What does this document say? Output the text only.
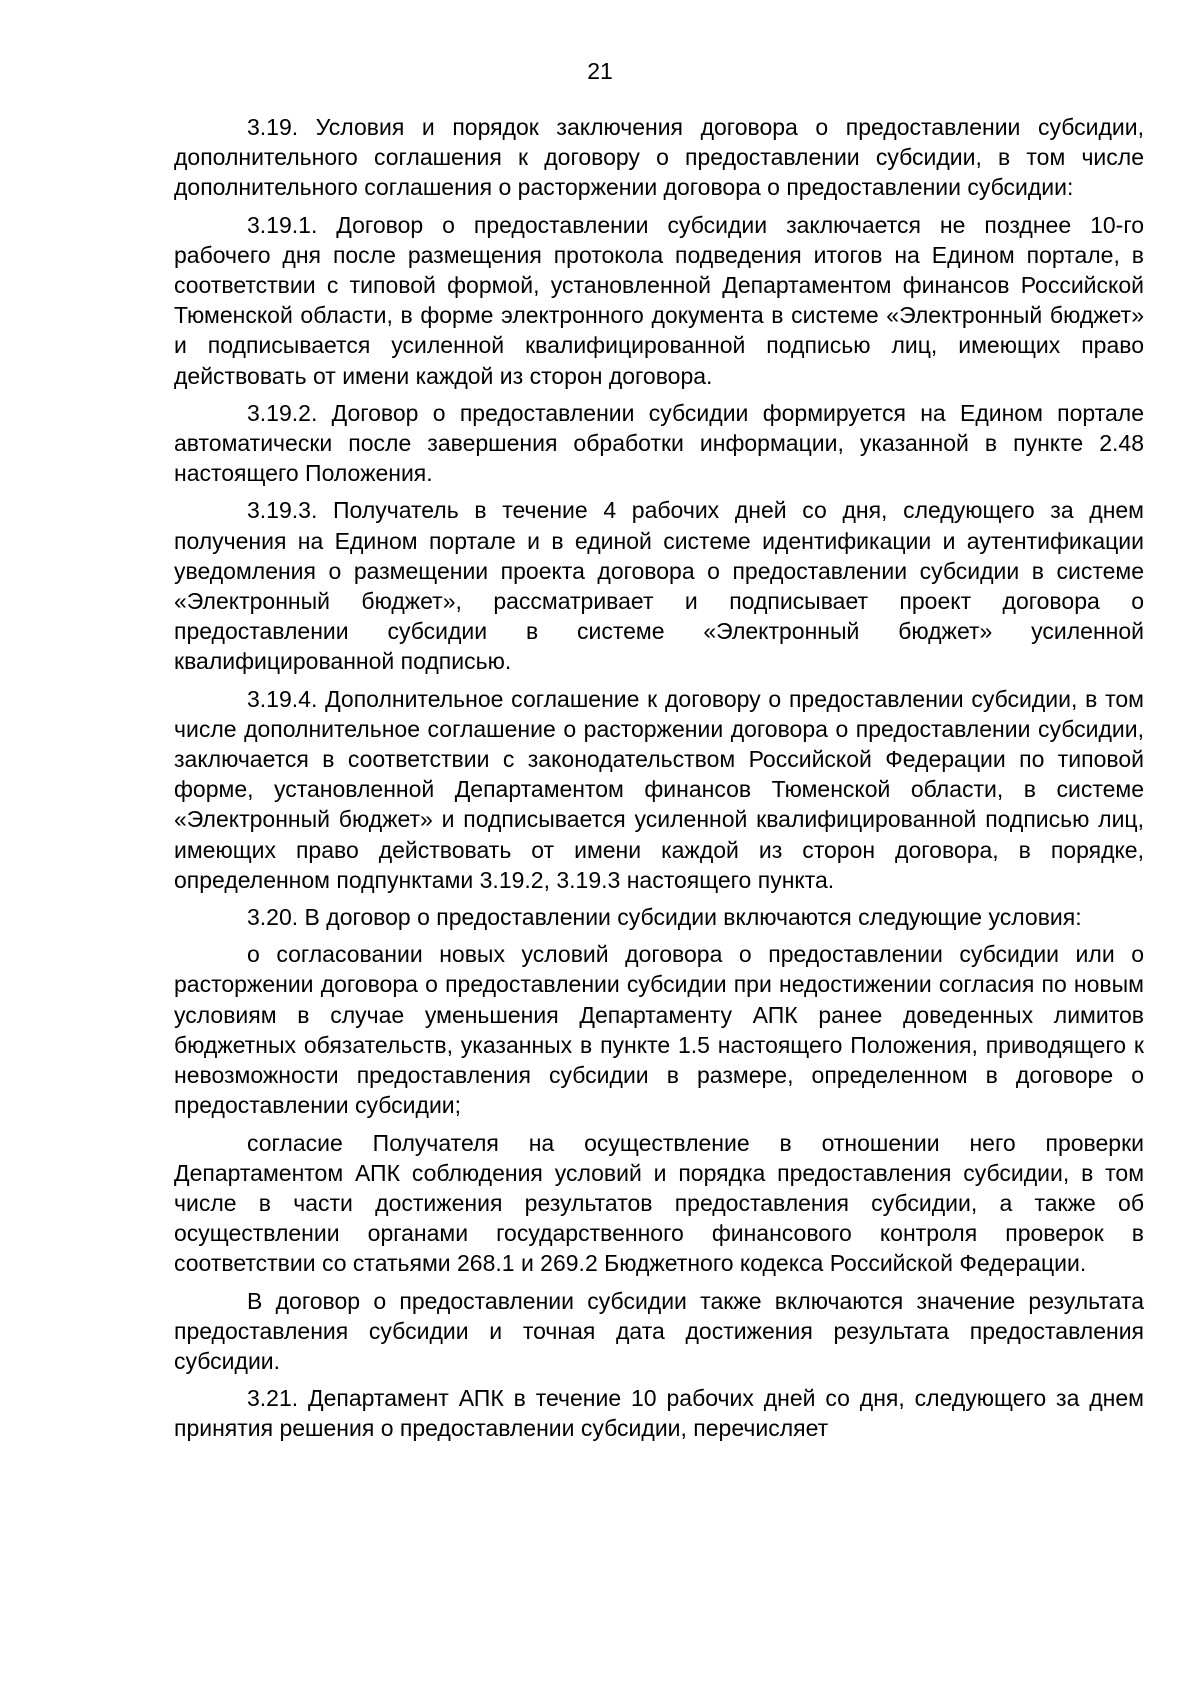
21

3.19. Условия и порядок заключения договора о предоставлении субсидии, дополнительного соглашения к договору о предоставлении субсидии, в том числе дополнительного соглашения о расторжении договора о предоставлении субсидии:

3.19.1. Договор о предоставлении субсидии заключается не позднее 10-го рабочего дня после размещения протокола подведения итогов на Едином портале, в соответствии с типовой формой, установленной Департаментом финансов Российской Тюменской области, в форме электронного документа в системе «Электронный бюджет» и подписывается усиленной квалифицированной подписью лиц, имеющих право действовать от имени каждой из сторон договора.

3.19.2. Договор о предоставлении субсидии формируется на Едином портале автоматически после завершения обработки информации, указанной в пункте 2.48 настоящего Положения.

3.19.3. Получатель в течение 4 рабочих дней со дня, следующего за днем получения на Едином портале и в единой системе идентификации и аутентификации уведомления о размещении проекта договора о предоставлении субсидии в системе «Электронный бюджет», рассматривает и подписывает проект договора о предоставлении субсидии в системе «Электронный бюджет» усиленной квалифицированной подписью.

3.19.4. Дополнительное соглашение к договору о предоставлении субсидии, в том числе дополнительное соглашение о расторжении договора о предоставлении субсидии, заключается в соответствии с законодательством Российской Федерации по типовой форме, установленной Департаментом финансов Тюменской области, в системе «Электронный бюджет» и подписывается усиленной квалифицированной подписью лиц, имеющих право действовать от имени каждой из сторон договора, в порядке, определенном подпунктами 3.19.2, 3.19.3 настоящего пункта.

3.20. В договор о предоставлении субсидии включаются следующие условия:

о согласовании новых условий договора о предоставлении субсидии или о расторжении договора о предоставлении субсидии при недостижении согласия по новым условиям в случае уменьшения Департаменту АПК ранее доведенных лимитов бюджетных обязательств, указанных в пункте 1.5 настоящего Положения, приводящего к невозможности предоставления субсидии в размере, определенном в договоре о предоставлении субсидии;

согласие Получателя на осуществление в отношении него проверки Департаментом АПК соблюдения условий и порядка предоставления субсидии, в том числе в части достижения результатов предоставления субсидии, а также об осуществлении органами государственного финансового контроля проверок в соответствии со статьями 268.1 и 269.2 Бюджетного кодекса Российской Федерации.

В договор о предоставлении субсидии также включаются значение результата предоставления субсидии и точная дата достижения результата предоставления субсидии.

3.21. Департамент АПК в течение 10 рабочих дней со дня, следующего за днем принятия решения о предоставлении субсидии, перечисляет
